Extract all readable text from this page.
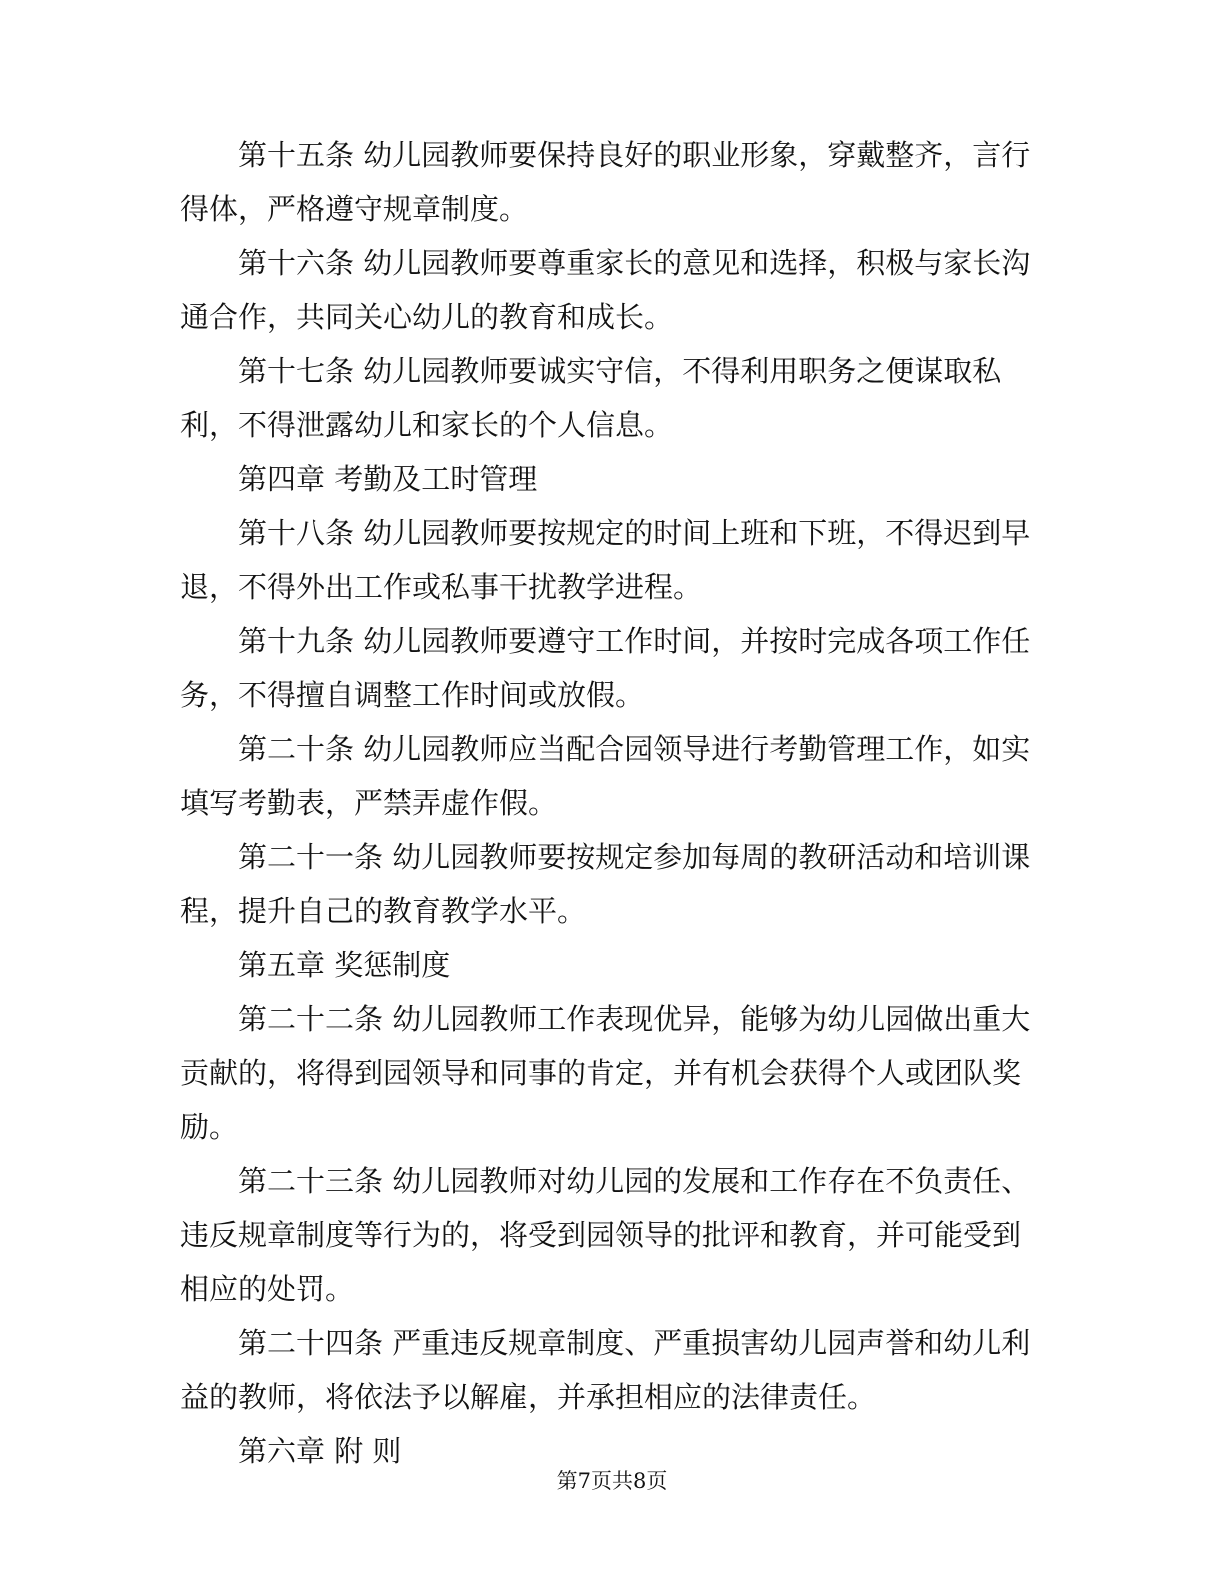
第十五条 幼儿园教师要保持良好的职业形象，穿戴整齐，言行得体，严格遵守规章制度。

第十六条 幼儿园教师要尊重家长的意见和选择，积极与家长沟通合作，共同关心幼儿的教育和成长。

第十七条 幼儿园教师要诚实守信，不得利用职务之便谋取私利，不得泄露幼儿和家长的个人信息。

第四章 考勤及工时管理

第十八条 幼儿园教师要按规定的时间上班和下班，不得迟到早退，不得外出工作或私事干扰教学进程。

第十九条 幼儿园教师要遵守工作时间，并按时完成各项工作任务，不得擅自调整工作时间或放假。

第二十条 幼儿园教师应当配合园领导进行考勤管理工作，如实填写考勤表，严禁弄虚作假。

第二十一条 幼儿园教师要按规定参加每周的教研活动和培训课程，提升自己的教育教学水平。

第五章 奖惩制度

第二十二条 幼儿园教师工作表现优异，能够为幼儿园做出重大贡献的，将得到园领导和同事的肯定，并有机会获得个人或团队奖励。

第二十三条 幼儿园教师对幼儿园的发展和工作存在不负责任、违反规章制度等行为的，将受到园领导的批评和教育，并可能受到相应的处罚。

第二十四条 严重违反规章制度、严重损害幼儿园声誉和幼儿利益的教师，将依法予以解雇，并承担相应的法律责任。

第六章 附 则

第7页共8页
